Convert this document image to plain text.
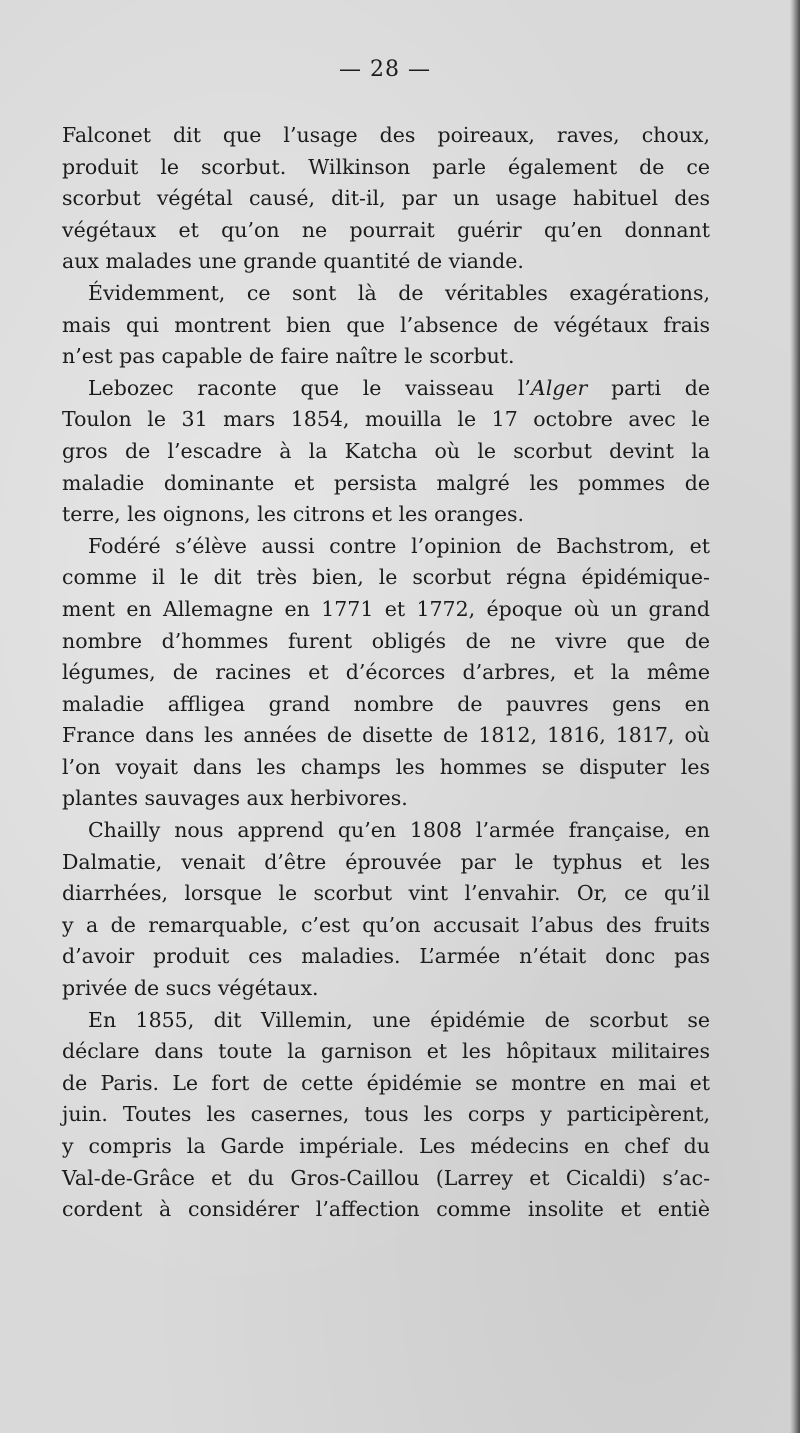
— 28 —

Falconet dit que l’usage des poireaux, raves, choux,
produit le scorbut. Wilkinson parle également de ce
scorbut végétal causé, dit-il, par un usage habituel des
végétaux et qu’on ne pourrait guérir qu’en donnant
aux malades une grande quantité de viande.

Évidemment, ce sont là de véritables exagérations,
mais qui montrent bien que l’absence de végétaux frais
n’est pas capable de faire naître le scorbut.

Lebozec raconte que le vaisseau l’Alger parti de
Toulon le 31 mars 1854, mouilla le 17 octobre avec le
gros de l’escadre à la Katcha où le scorbut devint la
maladie dominante et persista malgré les pommes de
terre, les oignons, les citrons et les oranges.

Fodéré s’élève aussi contre l’opinion de Bachstrom, et
comme il le dit très bien, le scorbut régna épidémique-
ment en Allemagne en 1771 et 1772, époque où un grand
nombre d’hommes furent obligés de ne vivre que de
légumes, de racines et d’écorces d’arbres, et la même
maladie affligea grand nombre de pauvres gens en
France dans les années de disette de 1812, 1816, 1817, où
l’on voyait dans les champs les hommes se disputer les
plantes sauvages aux herbivores.

Chailly nous apprend qu’en 1808 l’armée française, en
Dalmatie, venait d’être éprouvée par le typhus et les
diarrhées, lorsque le scorbut vint l’envahir. Or, ce qu’il
y a de remarquable, c’est qu’on accusait l’abus des fruits
d’avoir produit ces maladies. L’armée n’était donc pas
privée de sucs végétaux.

En 1855, dit Villemin, une épidémie de scorbut se
déclare dans toute la garnison et les hôpitaux militaires
de Paris. Le fort de cette épidémie se montre en mai et
juin. Toutes les casernes, tous les corps y participèrent,
y compris la Garde impériale. Les médecins en chef du
Val-de-Grâce et du Gros-Caillou (Larrey et Cicaldi) s’ac-
cordent à considérer l’affection comme insolite et entiè
